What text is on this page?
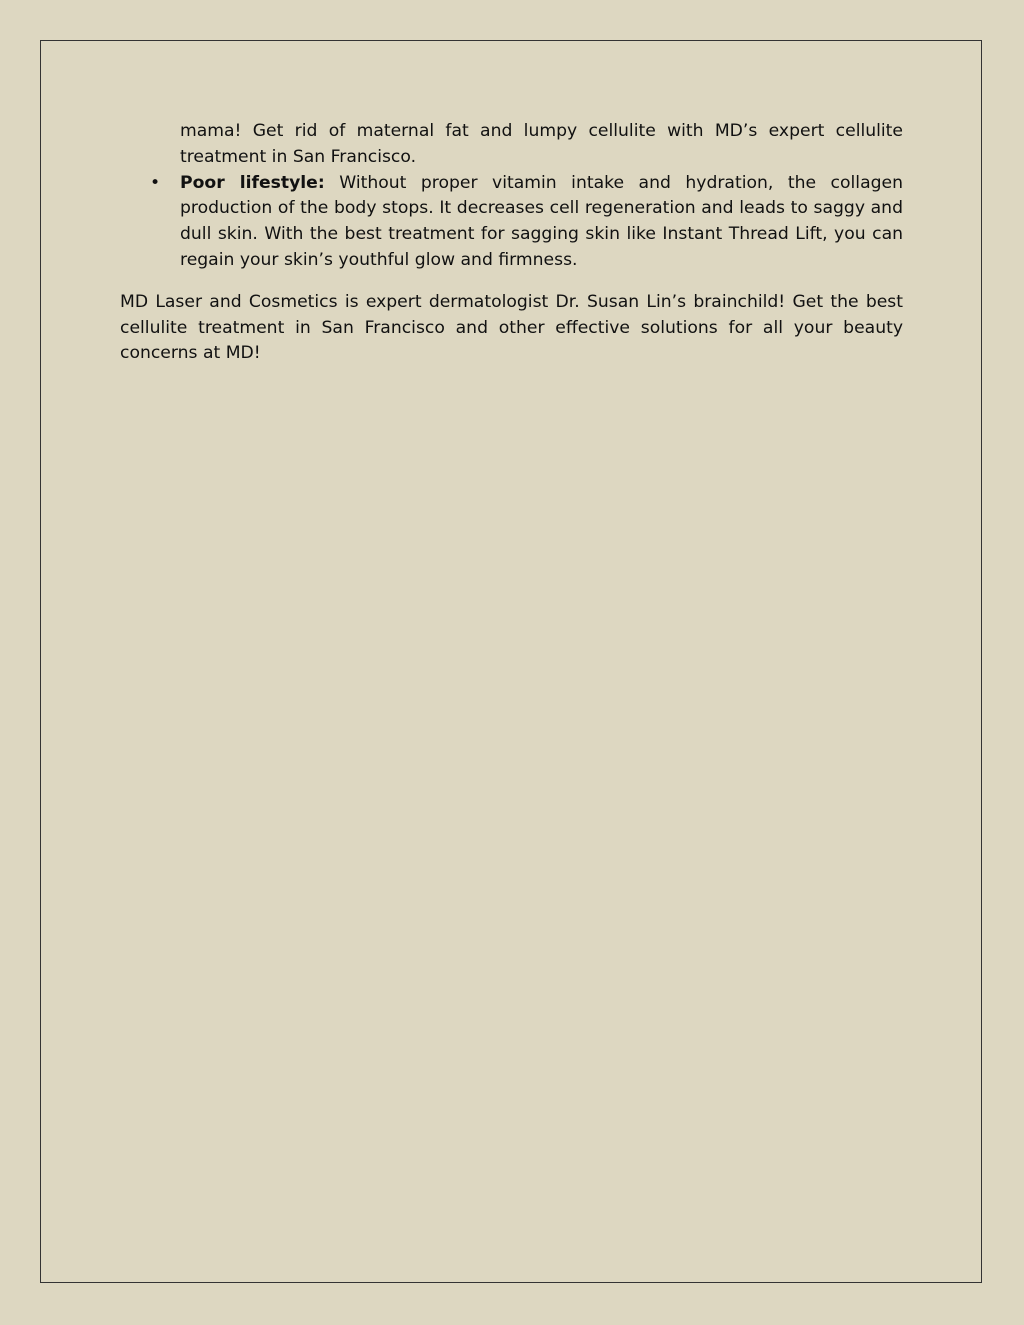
mama! Get rid of maternal fat and lumpy cellulite with MD’s expert cellulite treatment in San Francisco.

•	Poor lifestyle: Without proper vitamin intake and hydration, the collagen production of the body stops. It decreases cell regeneration and leads to saggy and dull skin. With the best treatment for sagging skin like Instant Thread Lift, you can regain your skin’s youthful glow and firmness.

MD Laser and Cosmetics is expert dermatologist Dr. Susan Lin’s brainchild! Get the best cellulite treatment in San Francisco and other effective solutions for all your beauty concerns at MD!
